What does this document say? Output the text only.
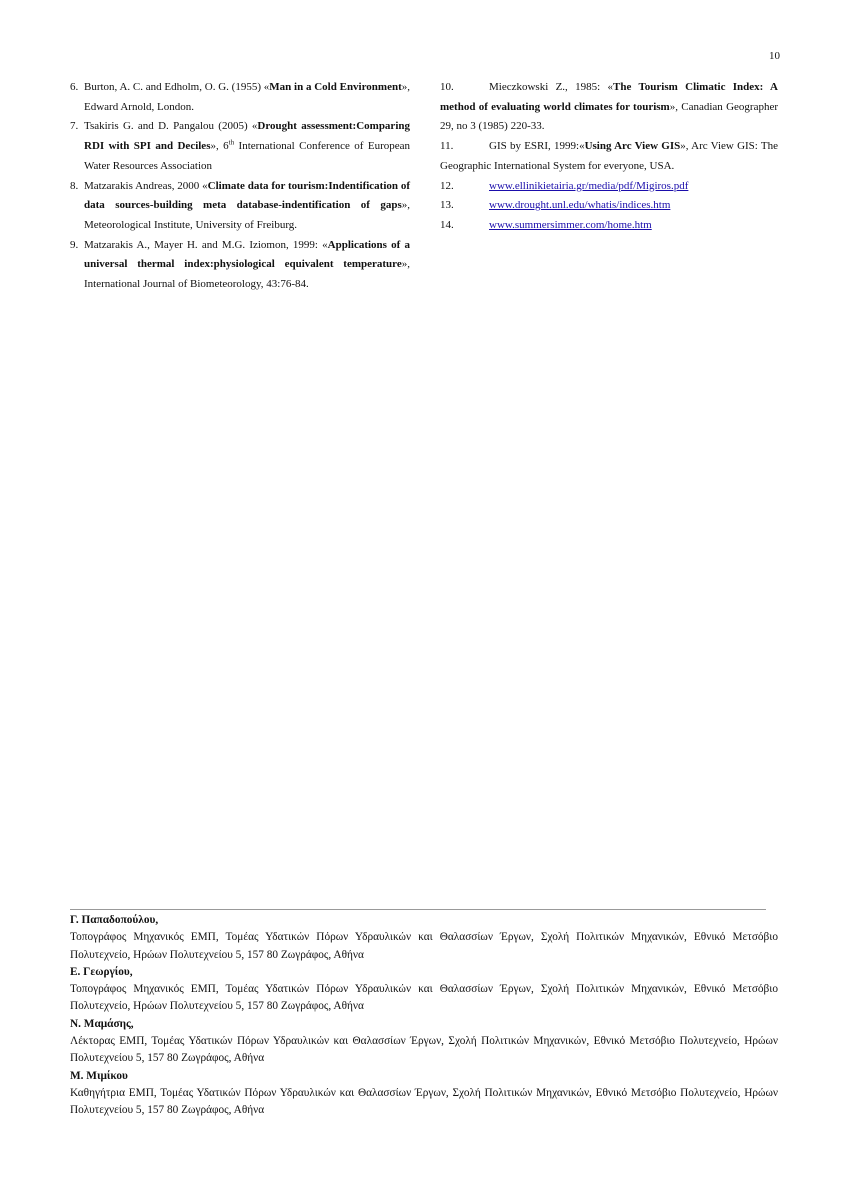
10
6. Burton, A. C. and Edholm, O. G. (1955) «Man in a Cold Environment», Edward Arnold, London.
7. Tsakiris G. and D. Pangalou (2005) «Drought assessment:Comparing RDI with SPI and Deciles», 6th International Conference of European Water Resources Association
8. Matzarakis Andreas, 2000 «Climate data for tourism:Indentification of data sources-building meta database-indentification of gaps», Meteorological Institute, University of Freiburg.
9. Matzarakis A., Mayer H. and M.G. Iziomon, 1999: «Applications of a universal thermal index:physiological equivalent temperature», International Journal of Biometeorology, 43:76-84.
10.	Mieczkowski Z., 1985: «The Tourism Climatic Index: A method of evaluating world climates for tourism», Canadian Geographer 29, no 3 (1985) 220-33.
11.	GIS by ESRI, 1999:«Using Arc View GIS», Arc View GIS: The Geographic International System for everyone, USA.
12.	www.ellinikietairia.gr/media/pdf/Migiros.pdf
13.	www.drought.unl.edu/whatis/indices.htm
14.	www.summersimmer.com/home.htm
Γ. Παπαδοπούλου,
Τοπογράφος Μηχανικός ΕΜΠ, Τομέας Υδατικών Πόρων Υδραυλικών και Θαλασσίων Έργων, Σχολή Πολιτικών Μηχανικών, Εθνικό Μετσόβιο Πολυτεχνείο, Ηρώων Πολυτεχνείου 5, 157 80 Ζωγράφος, Αθήνα
Ε. Γεωργίου,
Τοπογράφος Μηχανικός ΕΜΠ, Τομέας Υδατικών Πόρων Υδραυλικών και Θαλασσίων Έργων, Σχολή Πολιτικών Μηχανικών, Εθνικό Μετσόβιο Πολυτεχνείο, Ηρώων Πολυτεχνείου 5, 157 80 Ζωγράφος, Αθήνα
Ν. Μαμάσης,
Λέκτορας ΕΜΠ, Τομέας Υδατικών Πόρων Υδραυλικών και Θαλασσίων Έργων, Σχολή Πολιτικών Μηχανικών, Εθνικό Μετσόβιο Πολυτεχνείο, Ηρώων Πολυτεχνείου 5, 157 80 Ζωγράφος, Αθήνα
Μ. Μιμίκου
Καθηγήτρια ΕΜΠ, Τομέας Υδατικών Πόρων Υδραυλικών και Θαλασσίων Έργων, Σχολή Πολιτικών Μηχανικών, Εθνικό Μετσόβιο Πολυτεχνείο, Ηρώων Πολυτεχνείου 5, 157 80 Ζωγράφος, Αθήνα
